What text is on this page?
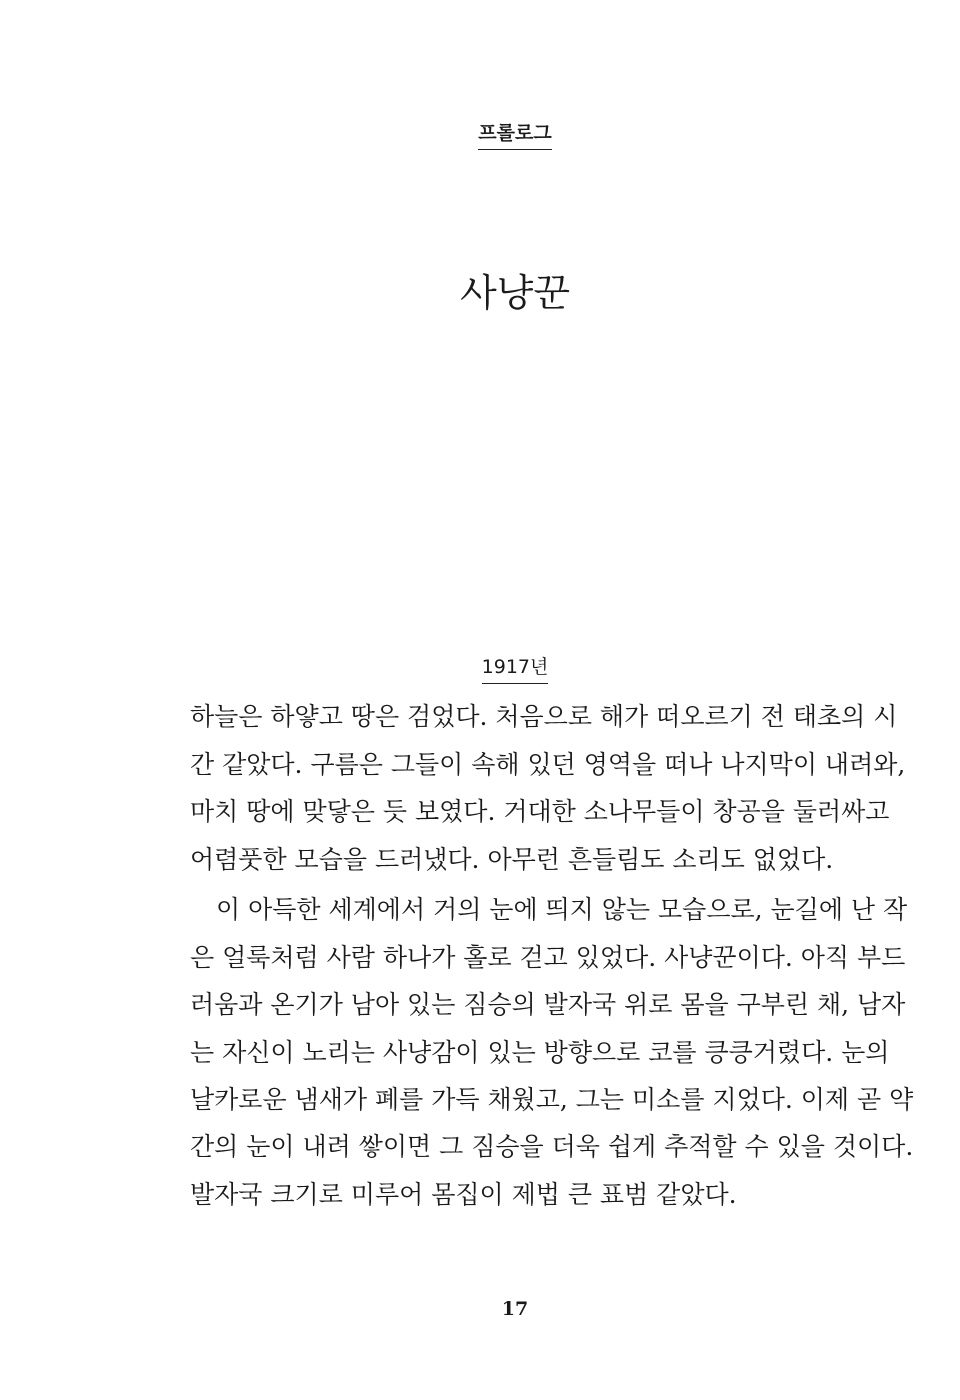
프롤로그
사냥꾼
1917년
하늘은 하얗고 땅은 검었다. 처음으로 해가 떠오르기 전 태초의 시
간 같았다. 구름은 그들이 속해 있던 영역을 떠나 나지막이 내려와,
마치 땅에 맞닿은 듯 보였다. 거대한 소나무들이 창공을 둘러싸고
어렴풋한 모습을 드러냈다. 아무런 흔들림도 소리도 없었다.
이 아득한 세계에서 거의 눈에 띄지 않는 모습으로, 눈길에 난 작
은 얼룩처럼 사람 하나가 홀로 걷고 있었다. 사냥꾼이다. 아직 부드
러움과 온기가 남아 있는 짐승의 발자국 위로 몸을 구부린 채, 남자
는 자신이 노리는 사냥감이 있는 방향으로 코를 킁킁거렸다. 눈의
날카로운 냄새가 폐를 가득 채웠고, 그는 미소를 지었다. 이제 곧 약
간의 눈이 내려 쌓이면 그 짐승을 더욱 쉽게 추적할 수 있을 것이다.
발자국 크기로 미루어 몸집이 제법 큰 표범 같았다.
17
